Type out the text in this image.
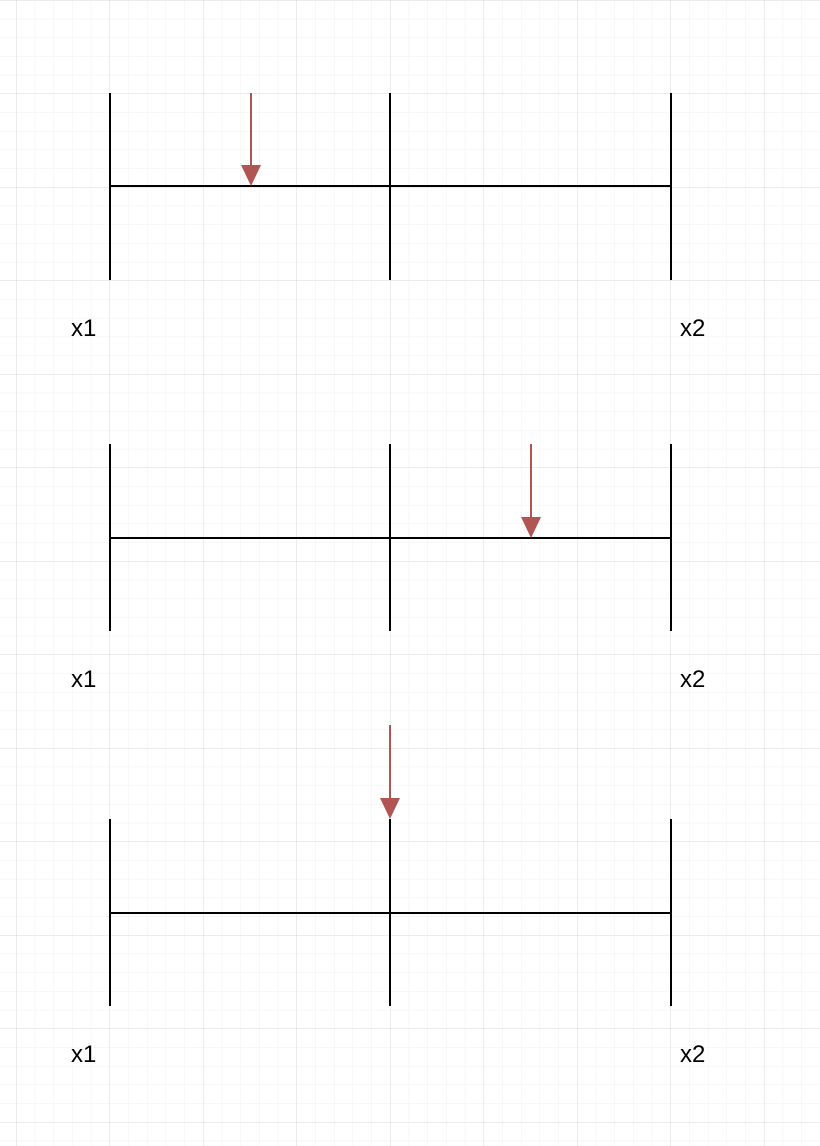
x1	x2
x1	x2
x1	x2
